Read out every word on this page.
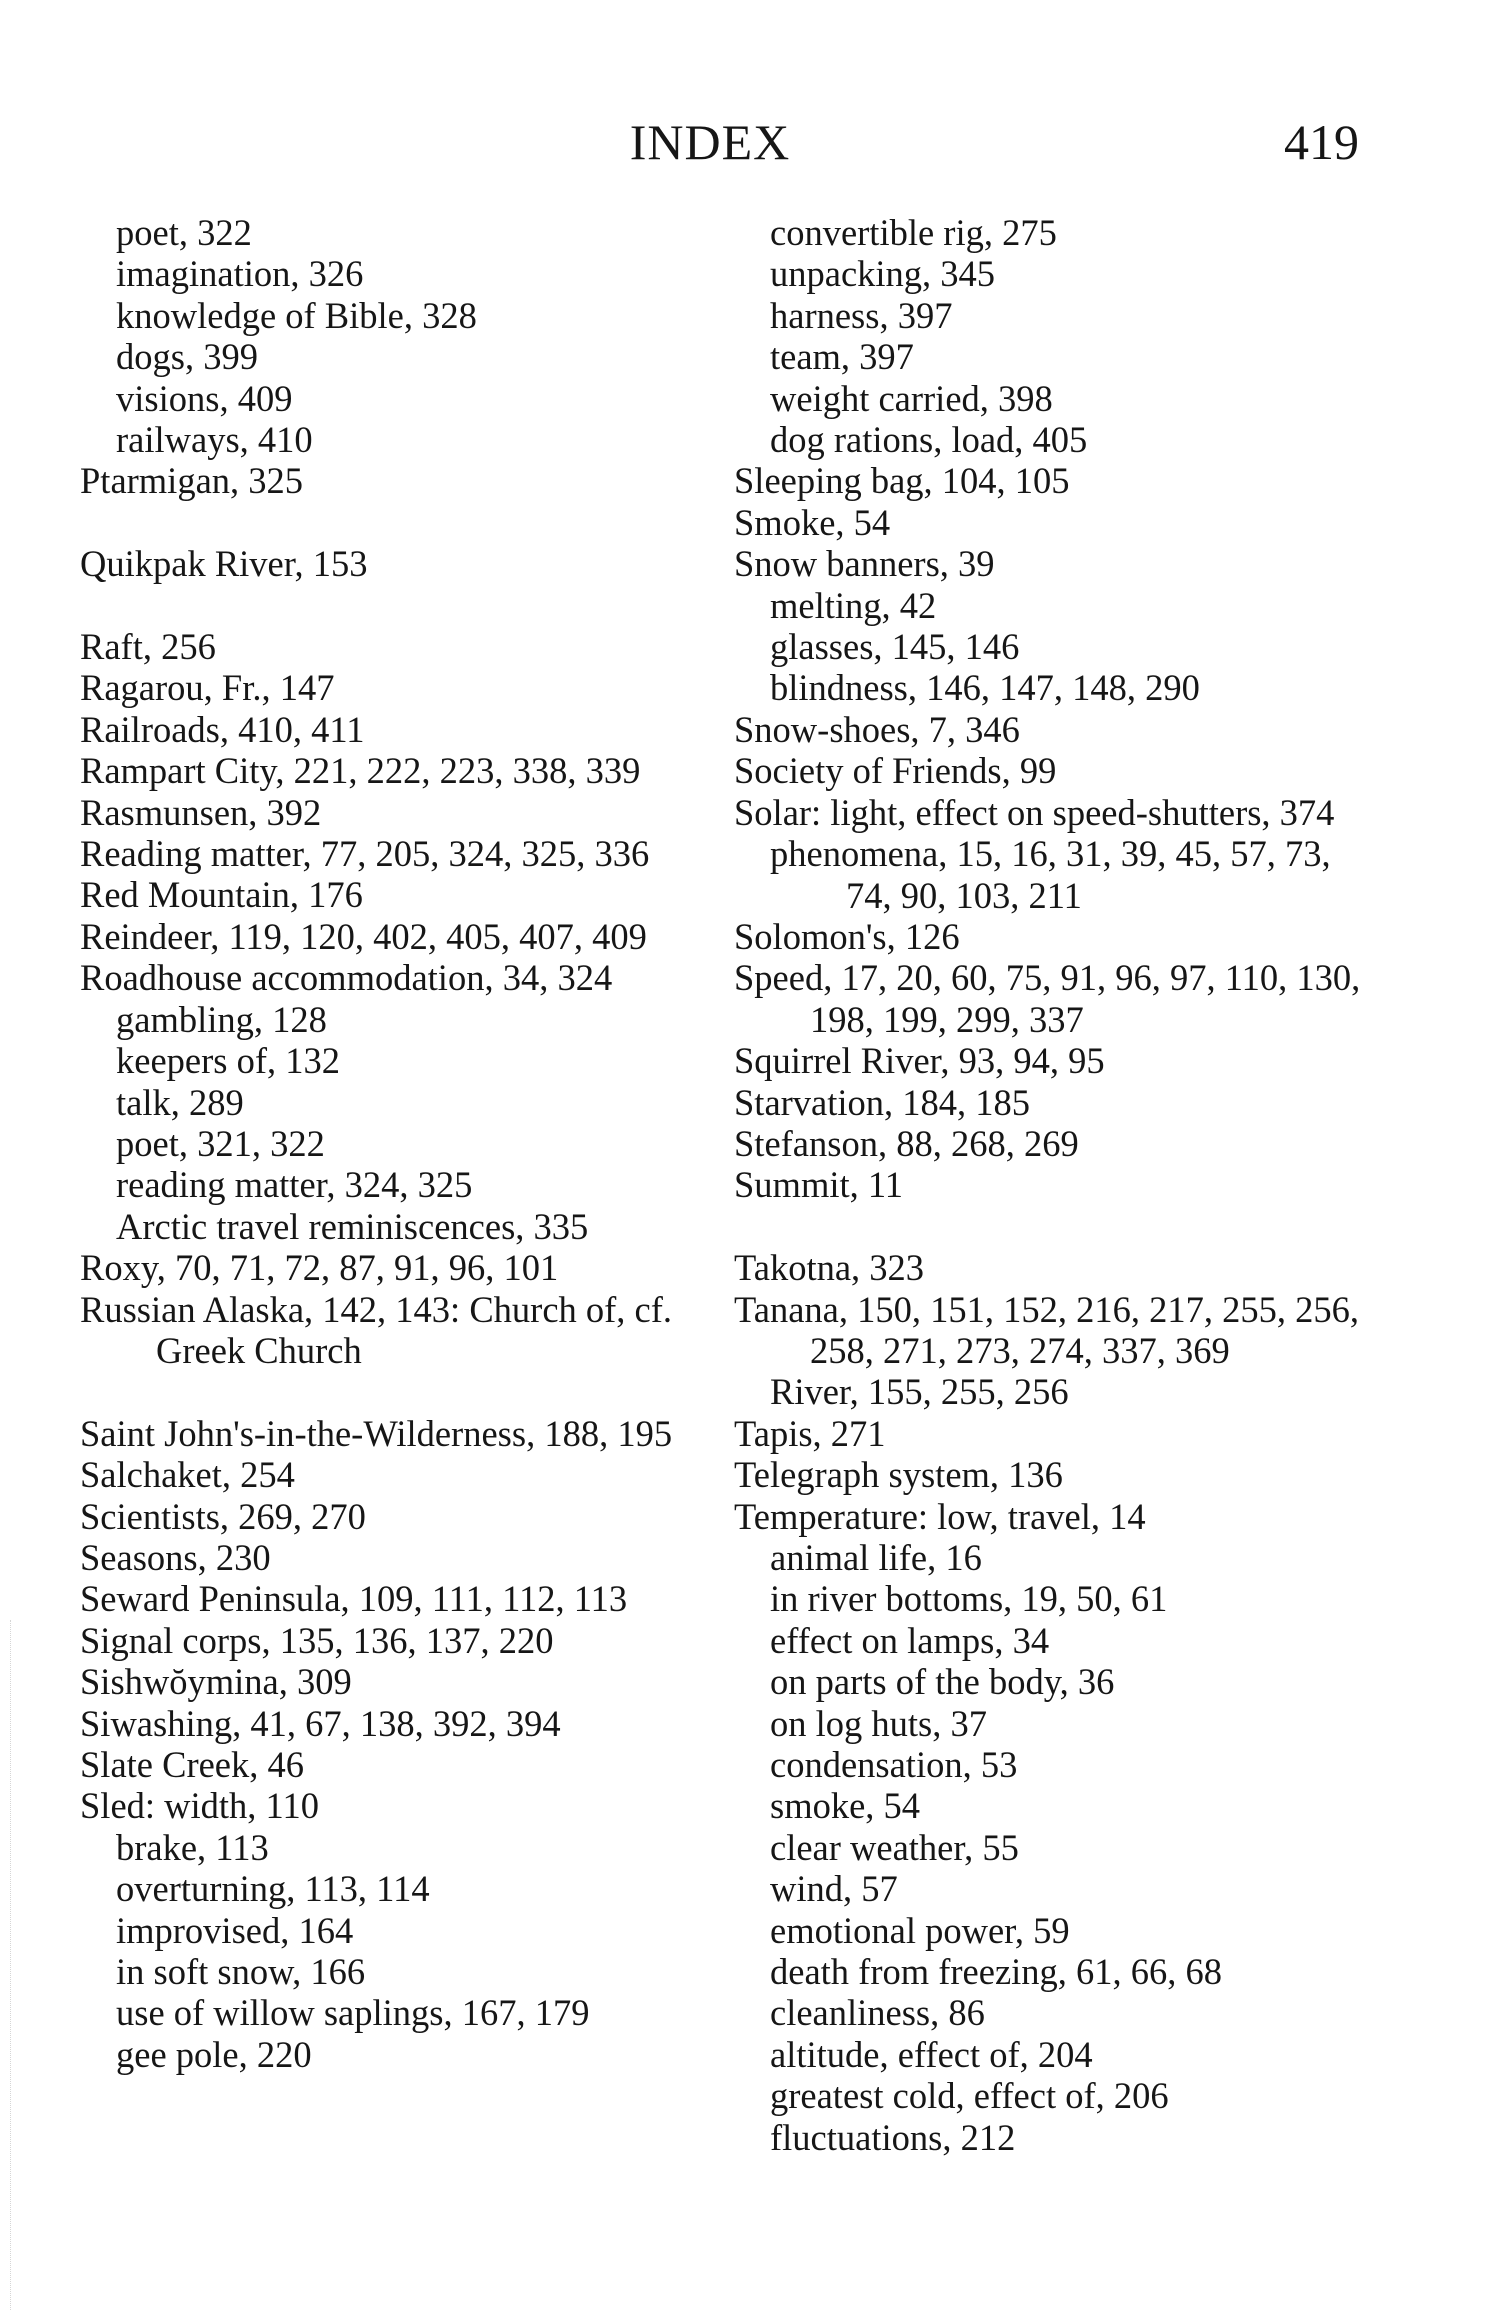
INDEX	419
poet, 322
imagination, 326
knowledge of Bible, 328
dogs, 399
visions, 409
railways, 410
Ptarmigan, 325
Quikpak River, 153
Raft, 256
Ragarou, Fr., 147
Railroads, 410, 411
Rampart City, 221, 222, 223, 338, 339
Rasmunsen, 392
Reading matter, 77, 205, 324, 325, 336
Red Mountain, 176
Reindeer, 119, 120, 402, 405, 407, 409
Roadhouse accommodation, 34, 324
gambling, 128
keepers of, 132
talk, 289
poet, 321, 322
reading matter, 324, 325
Arctic travel reminiscences, 335
Roxy, 70, 71, 72, 87, 91, 96, 101
Russian Alaska, 142, 143: Church of, cf. Greek Church
Saint John's-in-the-Wilderness, 188, 195
Salchaket, 254
Scientists, 269, 270
Seasons, 230
Seward Peninsula, 109, 111, 112, 113
Signal corps, 135, 136, 137, 220
Sishwŏymina, 309
Siwashing, 41, 67, 138, 392, 394
Slate Creek, 46
Sled: width, 110
brake, 113
overturning, 113, 114
improvised, 164
in soft snow, 166
use of willow saplings, 167, 179
gee pole, 220
convertible rig, 275
unpacking, 345
harness, 397
team, 397
weight carried, 398
dog rations, load, 405
Sleeping bag, 104, 105
Smoke, 54
Snow banners, 39
melting, 42
glasses, 145, 146
blindness, 146, 147, 148, 290
Snow-shoes, 7, 346
Society of Friends, 99
Solar: light, effect on speed-shutters, 374
phenomena, 15, 16, 31, 39, 45, 57, 73, 74, 90, 103, 211
Solomon's, 126
Speed, 17, 20, 60, 75, 91, 96, 97, 110, 130, 198, 199, 299, 337
Squirrel River, 93, 94, 95
Starvation, 184, 185
Stefanson, 88, 268, 269
Summit, 11
Takotna, 323
Tanana, 150, 151, 152, 216, 217, 255, 256, 258, 271, 273, 274, 337, 369
River, 155, 255, 256
Tapis, 271
Telegraph system, 136
Temperature: low, travel, 14
animal life, 16
in river bottoms, 19, 50, 61
effect on lamps, 34
on parts of the body, 36
on log huts, 37
condensation, 53
smoke, 54
clear weather, 55
wind, 57
emotional power, 59
death from freezing, 61, 66, 68
cleanliness, 86
altitude, effect of, 204
greatest cold, effect of, 206
fluctuations, 212
